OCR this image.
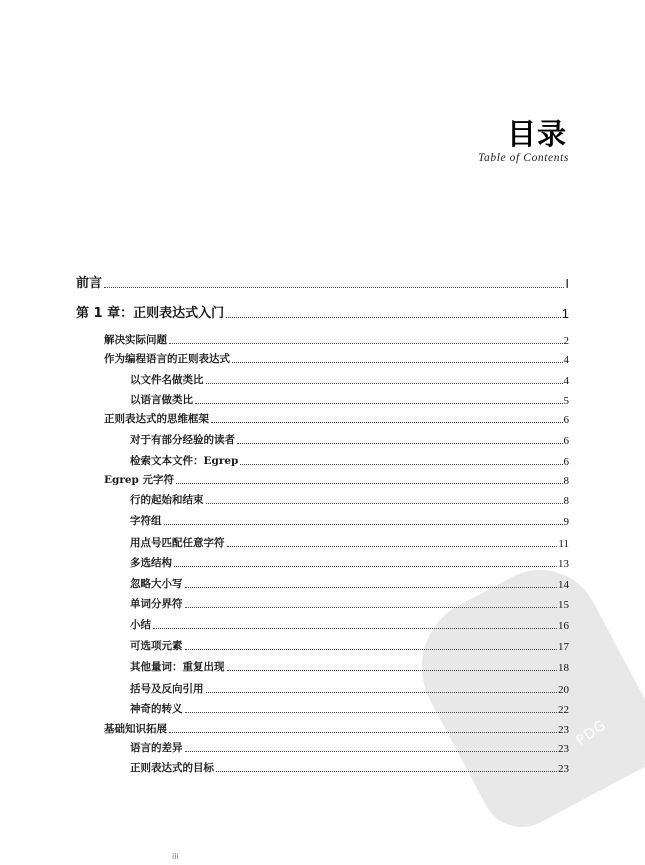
PDG
目录
Table of Contents
前言	I
第 1 章：正则表达式入门	1
解决实际问题	2
作为编程语言的正则表达式	4
以文件名做类比	4
以语言做类比	5
正则表达式的思维框架	6
对于有部分经验的读者	6
检索文本文件：Egrep	6
Egrep 元字符	8
行的起始和结束	8
字符组	9
用点号匹配任意字符	11
多选结构	13
忽略大小写	14
单词分界符	15
小结	16
可选项元素	17
其他量词：重复出现	18
括号及反向引用	20
神奇的转义	22
基础知识拓展	23
语言的差异	23
正则表达式的目标	23
iii
